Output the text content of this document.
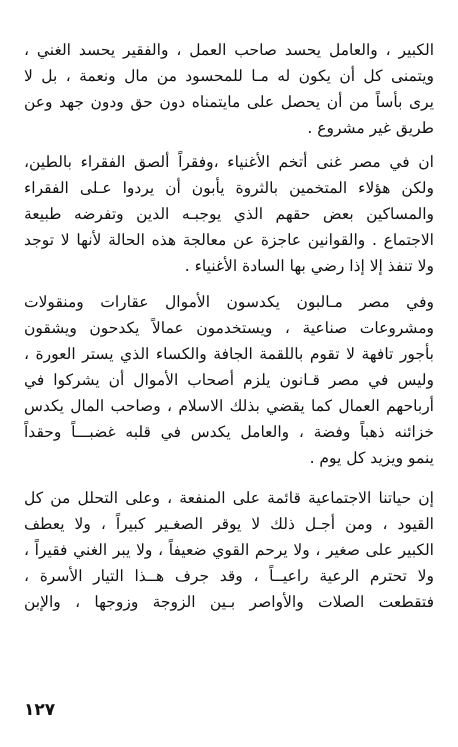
الكبير ، والعامل يحسد صاحب العمل ، والفقير يحسد الغني ،
ويتمنى كل أن يكون له مـا للمحسود من مال ونعمة ، بل لا
يرى بأساً من أن يحصل على مايتمناه دون حق ودون جهد وعن
طريق غير مشروع .
ان في مصر غنى أتخم الأغنياء ،وفقراً ألصق الفقراء بالطين،
ولكن هؤلاء المتخمين بالثروة يأبون أن يردوا عـلى الفقراء
والمساكين بعض حقهم الذي يوجبـه الدين وتفرضه طبيعة
الاجتماع . والقوانين عاجزة عن معالجة هذه الحالة لأنها لا توجد
ولا تنفذ إلا إذا رضي بها السادة الأغنياء .
وفي مصر مـالبون يكدسون الأموال عقارات ومنقولات
ومشروعات صناعية ، ويستخدمون عمالاً يكدحون ويشقون
بأجور تافهة لا تقوم باللقمة الجافة والكساء الذي يستر العورة ،
وليس في مصر قـانون يلزم أصحاب الأموال أن يشركوا في
أرباحهم العمال كما يقضي بذلك الاسلام ، وصاحب المال يكدس
خزائنه ذهباً وفضة ، والعامل يكدس في قلبه غضبـــاً وحقداً
ينمو ويزيد كل يوم .
إن حياتنا الاجتماعية قائمة على المنفعة ، وعلى التحلل من كل
القيود ، ومن أجـل ذلك لا يوقر الصغـير كبيراً ، ولا يعطف
الكبير على صغير ، ولا يرحم القوي ضعيفاً ، ولا يبر الغني فقيراً ،
ولا تحترم الرعية راعيــاً ، وقد جرف هــذا التيار الأسرة ،
فتقطعت الصلات والأواصر بـين الزوجة وزوجها ، والإبن
١٢٧
